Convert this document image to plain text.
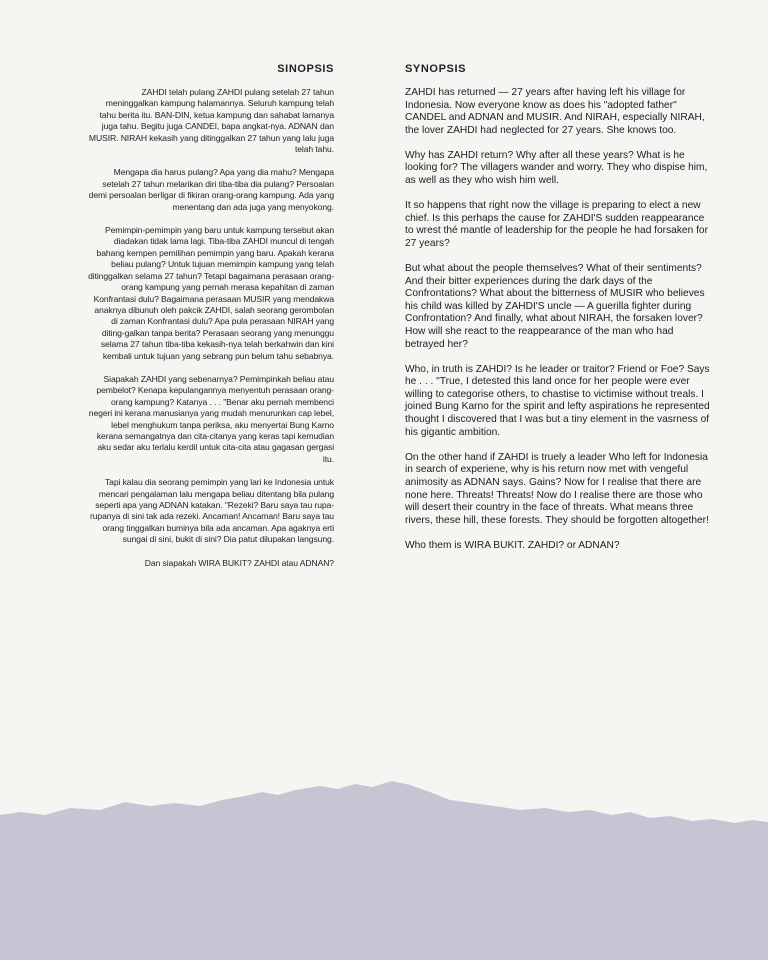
SINOPSIS

ZAHDI telah pulang ZAHDI pulang setelah 27 tahun meninggalkan kampung halamannya. Seluruh kampung telah tahu berita itu. BAN-DIN, ketua kampung dan sahabat lamanya juga tahu. Begitu juga CANDEI, bapa angkat-nya. ADNAN dan MUSIR. NIRAH kekasih yang ditinggalkan 27 tahun yang lalu juga telah tahu.

Mengapa dia harus pulang? Apa yang dia mahu? Mengapa setelah 27 tahun melarikan diri tiba-tiba dia pulang? Persoalan demi persoalan berligar di fikiran orang-orang kampung. Ada yang menentang dan ada juga yang menyokong.

Pemimpin-pemimpin yang baru untuk kampung tersebut akan diadakan tidak lama lagi. Tiba-tiba ZAHDI muncul di tengah bahang kempen pemilihan pemimpin yang baru. Apakah kerana beliau pulang? Untuk tujuan memimpin kampung yang telah ditinggalkan selama 27 tahun? Tetapi bagaimana perasaan orang-orang kampung yang pernah merasa kepahitan di zaman Konfrantasi dulu? Bagaimana perasaan MUSIR yang mendakwa anaknya dibunuh oleh pakcik ZAHDI, salah seorang gerombolan di zaman Konfrantasi dulu? Apa pula perasaan NIRAH yang diting-galkan tanpa berita? Perasaan seorang yang menunggu selama 27 tahun tiba-tiba kekasih-nya telah berkahwin dan kini kembali untuk tujuan yang sebrang pun belum tahu sebabnya.

Siapakah ZAHDI yang sebenarnya? Pemimpinkah beliau atau pembelot? Kenapa kepulangannya menyentuh perasaan orang-orang kampung? Katanya . . . "Benar aku pernah membenci negeri ini kerana manusianya yang mudah menurunkan cap lebel, lebel menghukum tanpa periksa, aku menyertai Bung Karno kerana semangatnya dan cita-citanya yang keras tapi kemudian aku sedar aku terlalu kerdil untuk cita-cita atau gagasan gergasi itu.

Tapi kalau dia seorang pemimpin yang lari ke Indonesia untuk mencari pengalaman lalu mengapa beliau ditentang bila pulang seperti apa yang ADNAN katakan. "Rezeki? Baru saya tau rupa-rupanya di sini tak ada rezeki. Ancaman! Ancaman! Baru saya tau orang tinggalkan buminya bila ada ancaman. Apa agaknya erti sungai di sini, bukit di sini? Dia patut dilupakan langsung.

Dan siapakah WIRA BUKIT? ZAHDI atau ADNAN?

SYNOPSIS

ZAHDI has returned — 27 years after having left his village for Indonesia. Now everyone know as does his "adopted father" CANDEL and ADNAN and MUSIR. And NIRAH, especially NIRAH, the lover ZAHDI had neglected for 27 years. She knows too.

Why has ZAHDI return? Why after all these years? What is he looking for? The villagers wander and worry. They who dispise him, as well as they who wish him well.

It so happens that right now the village is preparing to elect a new chief. Is this perhaps the cause for ZAHDI'S sudden reappearance to wrest thé mantle of leadership for the people he had forsaken for 27 years?

But what about the people themselves? What of their sentiments? And their bitter experiences during the dark days of the Confrontations? What about the bitterness of MUSIR who believes his child was killed by ZAHDI'S uncle — A guerilla fighter during Confrontation? And finally, what about NIRAH, the forsaken lover? How will she react to the reappearance of the man who had betrayed her?

Who, in truth is ZAHDI? Is he leader or traitor? Friend or Foe? Says he . . . "True, I detested this land once for her people were ever willing to categorise others, to chastise to victimise without treals. I joined Bung Karno for the spirit and lefty aspirations he represented thought I discovered that I was but a tiny element in the vasrness of his gigantic ambition.

On the other hand if ZAHDI is truely a leader Who left for Indonesia in search of experiene, why is his return now met with vengeful animosity as ADNAN says. Gains? Now for I realise that there are none here. Threats! Threats! Now do I realise there are those who will desert their country in the face of threats. What means three rivers, these hill, these forests. They should be forgotten altogether!

Who them is WIRA BUKIT. ZAHDI? or ADNAN?
